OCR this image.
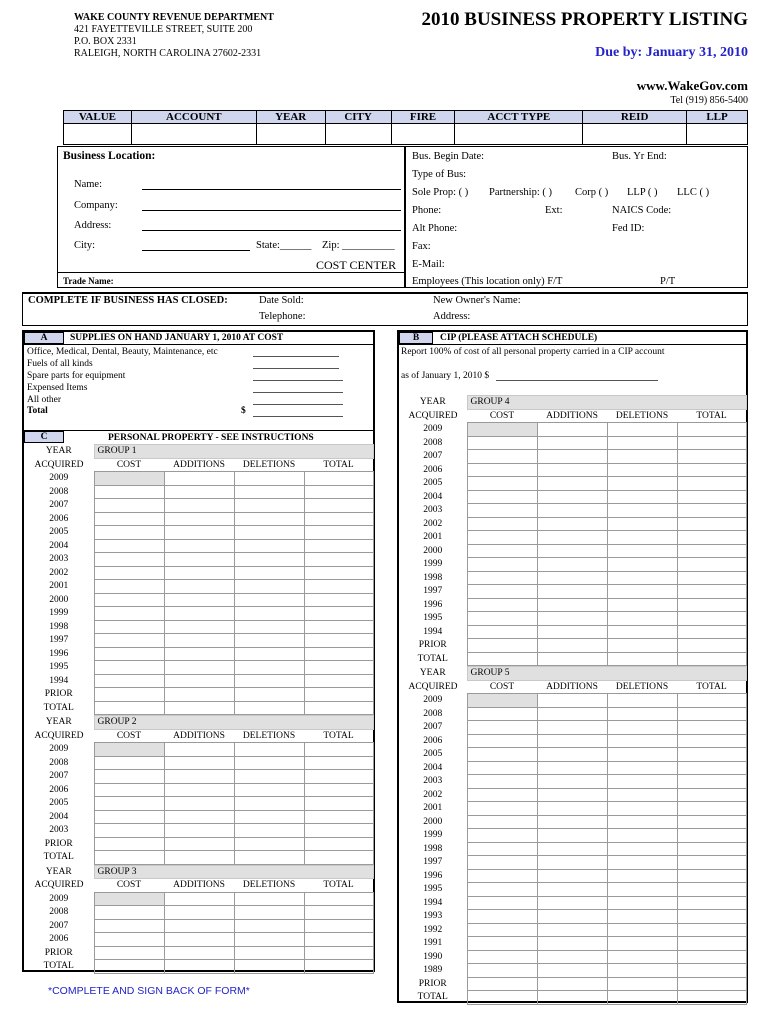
WAKE COUNTY REVENUE DEPARTMENT
421 FAYETTEVILLE STREET, SUITE 200
P.O. BOX 2331
RALEIGH, NORTH CAROLINA 27602-2331
2010 BUSINESS PROPERTY LISTING
Due by: January 31, 2010
www.WakeGov.com
Tel (919) 856-5400
VALUE	ACCOUNT	YEAR	CITY	FIRE	ACCT TYPE	REID	LLP
Business Location:
Name:
Company:
Address:
City:	State:______ Zip: __________
COST CENTER
Trade Name:
Bus. Begin Date:	Bus. Yr End:
Type of Bus:
Sole Prop: ( ) Partnership: ( ) Corp ( ) LLP ( ) LLC ( )
Phone:	Ext:	NAICS Code:
Alt Phone:	Fed ID:
Fax:
E-Mail:
Employees (This location only) F/T	P/T
COMPLETE IF BUSINESS HAS CLOSED:	Date Sold:
Telephone:
New Owner's Name:
Address:
A	SUPPLIES ON HAND JANUARY 1, 2010 AT COST
Office, Medical, Dental, Beauty, Maintenance, etc
Fuels of all kinds
Spare parts for equipment
Expensed Items
All other
Total	$
C	PERSONAL PROPERTY - SEE INSTRUCTIONS
YEAR	GROUP 1			
ACQUIRED	COST	ADDITIONS	DELETIONS	TOTAL
2009				
2008				
2007				
2006				
2005				
2004				
2003				
2002				
2001				
2000				
1999				
1998				
1997				
1996				
1995				
1994				
PRIOR				
TOTAL				
YEAR	GROUP 2			
ACQUIRED	COST	ADDITIONS	DELETIONS	TOTAL
2009				
2008				
2007				
2006				
2005				
2004				
2003				
PRIOR				
TOTAL				
YEAR	GROUP 3			
ACQUIRED	COST	ADDITIONS	DELETIONS	TOTAL
2009				
2008				
2007				
2006				
PRIOR				
TOTAL				
B	CIP (PLEASE ATTACH SCHEDULE)
Report 100% of cost of all personal property carried in a CIP account
as of January 1, 2010 $
YEAR	GROUP 4			
ACQUIRED	COST	ADDITIONS	DELETIONS	TOTAL
2009				
2008				
2007				
2006				
2005				
2004				
2003				
2002				
2001				
2000				
1999				
1998				
1997				
1996				
1995				
1994				
PRIOR				
TOTAL				
YEAR	GROUP 5			
ACQUIRED	COST	ADDITIONS	DELETIONS	TOTAL
2009				
2008				
2007				
2006				
2005				
2004				
2003				
2002				
2001				
2000				
1999				
1998				
1997				
1996				
1995				
1994				
1993				
1992				
1991				
1990				
1989				
PRIOR				
TOTAL				
*COMPLETE AND SIGN BACK OF FORM*
